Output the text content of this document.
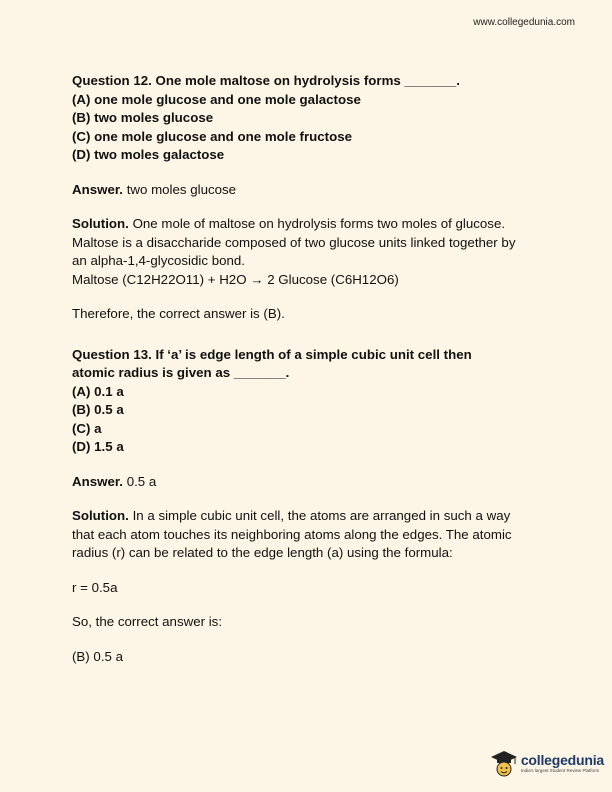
www.collegedunia.com

Question 12. One mole maltose on hydrolysis forms _______.

(A) one mole glucose and one mole galactose

(B) two moles glucose

(C) one mole glucose and one mole fructose

(D) two moles galactose

Answer. two moles glucose

Solution. One mole of maltose on hydrolysis forms two moles of glucose.

Maltose is a disaccharide composed of two glucose units linked together by

an alpha-1,4-glycosidic bond.

Maltose (C12H22O11) + H2O → 2 Glucose (C6H12O6)

Therefore, the correct answer is (B).

Question 13. If ‘a’ is edge length of a simple cubic unit cell then

atomic radius is given as _______.

(A) 0.1 a

(B) 0.5 a

(C) a

(D) 1.5 a

Answer. 0.5 a

Solution. In a simple cubic unit cell, the atoms are arranged in such a way

that each atom touches its neighboring atoms along the edges. The atomic

radius (r) can be related to the edge length (a) using the formula:

r = 0.5a

So, the correct answer is:

(B) 0.5 a

collegedunia
India's largest Student Review Platform
